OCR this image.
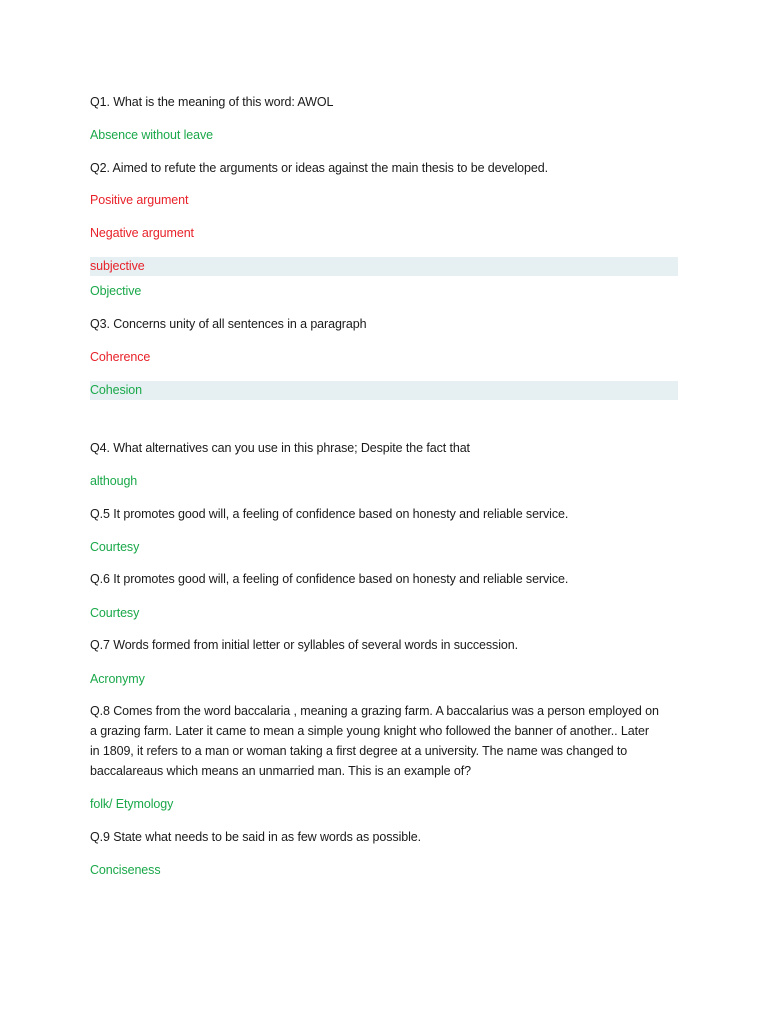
Q1. What is the meaning of this word: AWOL
Absence without leave
Q2. Aimed to refute the arguments or ideas against the main thesis to be developed.
Positive argument
Negative argument
subjective
Objective
Q3. Concerns unity of all sentences in a paragraph
Coherence
Cohesion
Q4. What alternatives can you use in this phrase; Despite the fact that
although
Q.5 It promotes good will, a feeling of confidence based on honesty and reliable service.
Courtesy
Q.6 It promotes good will, a feeling of confidence based on honesty and reliable service.
Courtesy
Q.7 Words formed from initial letter or syllables of several words in succession.
Acronymy
Q.8 Comes from the word baccalaria , meaning a grazing farm. A baccalarius was a person employed on
a grazing farm. Later it came to mean a simple young knight who followed the banner of another.. Later
in 1809, it refers to a man or woman taking a first degree at a university. The name was changed to
baccalareaus which means an unmarried man. This is an example of?
folk/ Etymology
Q.9 State what needs to be said in as few words as possible.
Conciseness
